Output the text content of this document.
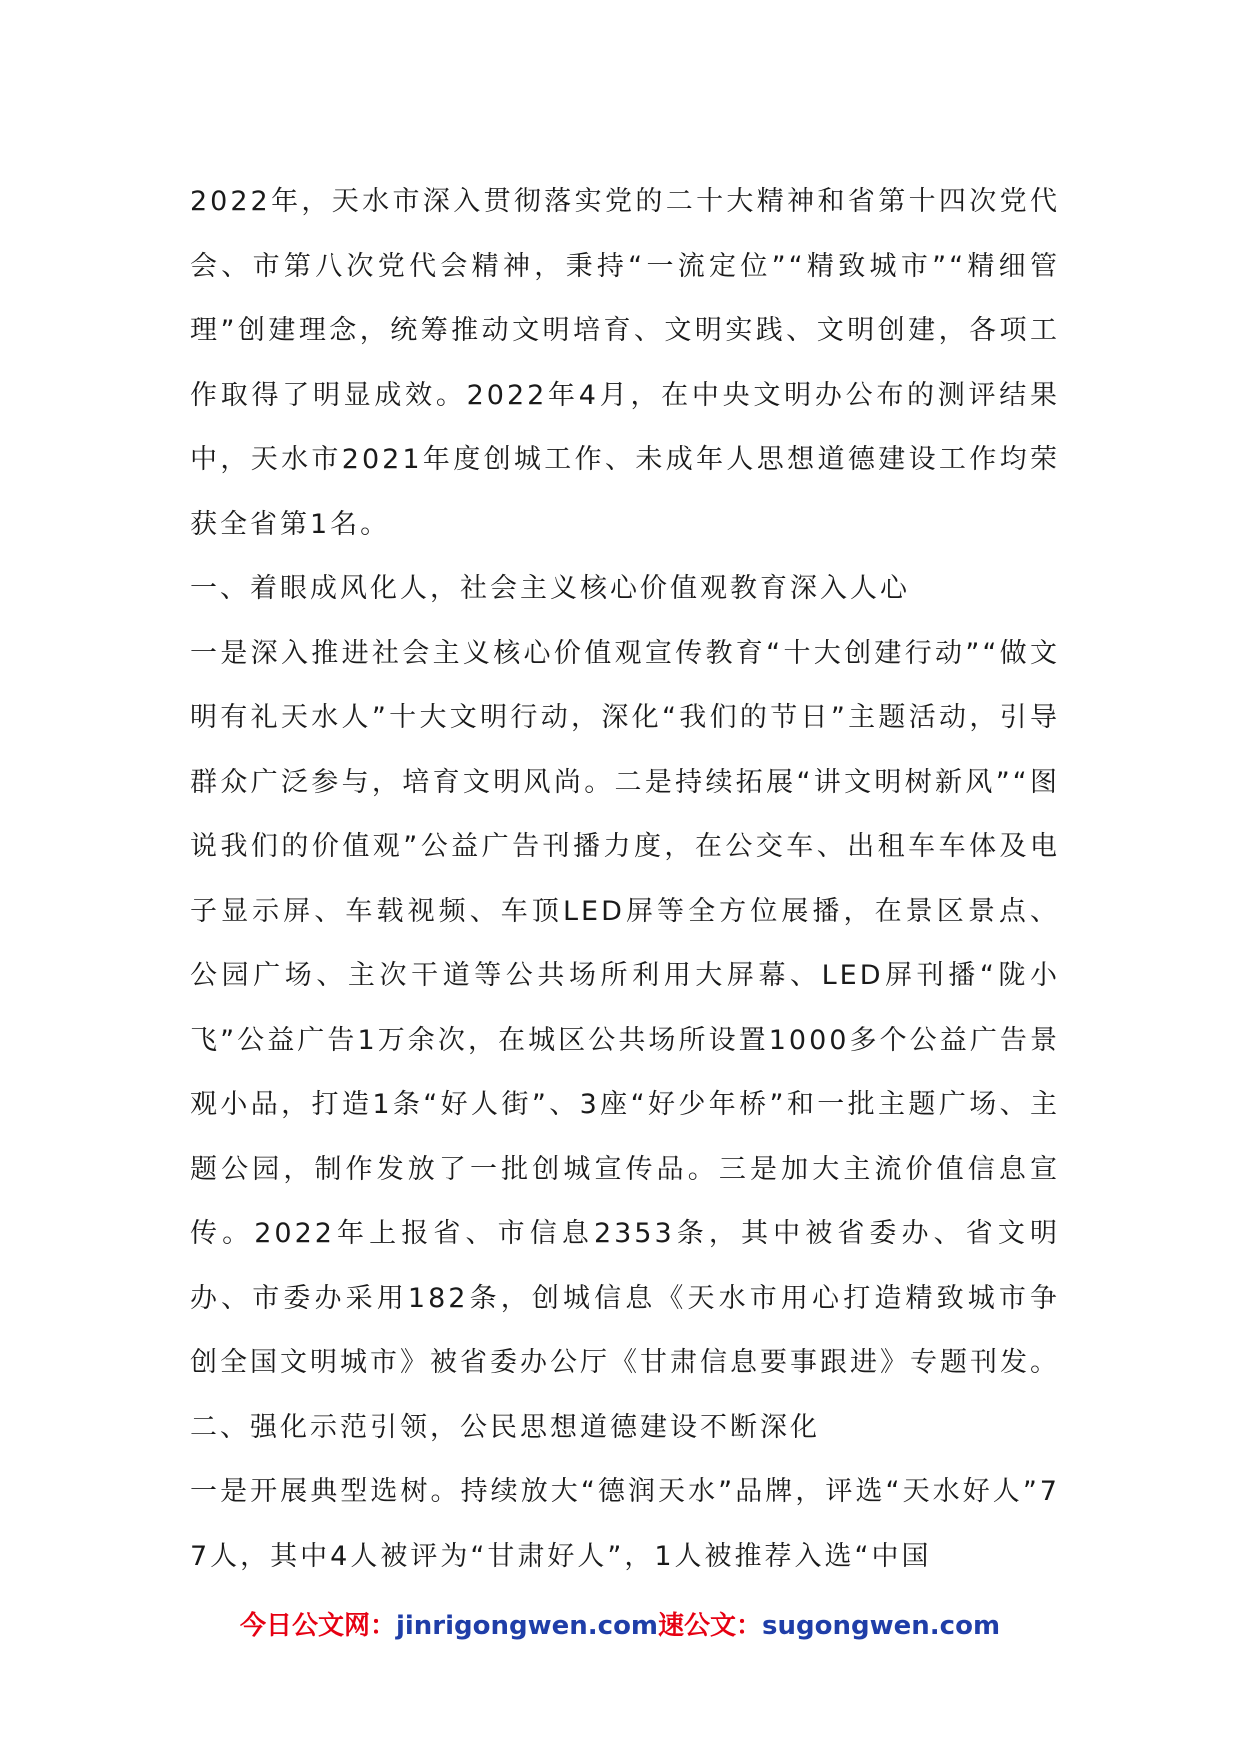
2022年，天水市深入贯彻落实党的二十大精神和省第十四次党代会、市第八次党代会精神，秉持“一流定位”“精致城市”“精细管理”创建理念，统筹推动文明培育、文明实践、文明创建，各项工作取得了明显成效。2022年4月，在中央文明办公布的测评结果中，天水市2021年度创城工作、未成年人思想道德建设工作均荣获全省第1名。

一、着眼成风化人，社会主义核心价值观教育深入人心

一是深入推进社会主义核心价值观宣传教育“十大创建行动”“做文明有礼天水人”十大文明行动，深化“我们的节日”主题活动，引导群众广泛参与，培育文明风尚。二是持续拓展“讲文明树新风”“图说我们的价值观”公益广告刊播力度，在公交车、出租车车体及电子显示屏、车载视频、车顶LED屏等全方位展播，在景区景点、公园广场、主次干道等公共场所利用大屏幕、LED屏刊播“陇小飞”公益广告1万余次，在城区公共场所设置1000多个公益广告景观小品，打造1条“好人街”、3座“好少年桥”和一批主题广场、主题公园，制作发放了一批创城宣传品。三是加大主流价值信息宣传。2022年上报省、市信息2353条，其中被省委办、省文明办、市委办采用182条，创城信息《天水市用心打造精致城市争创全国文明城市》被省委办公厅《甘肃信息要事跟进》专题刊发。

二、强化示范引领，公民思想道德建设不断深化

一是开展典型选树。持续放大“德润天水”品牌，评选“天水好人”77人，其中4人被评为“甘肃好人”，1人被推荐入选“中国

今日公文网：jinrigongwen.com速公文：sugongwen.com
